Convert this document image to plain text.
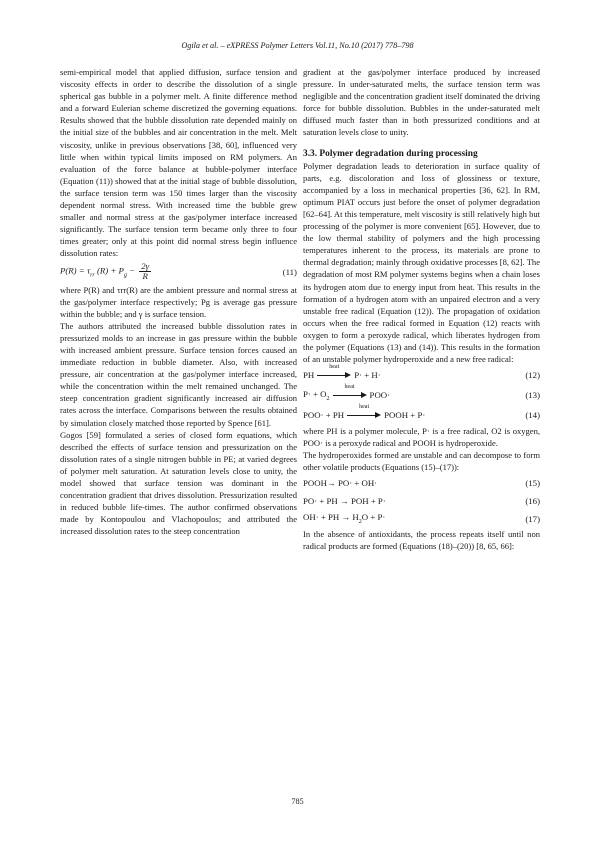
Ogila et al. – eXPRESS Polymer Letters Vol.11, No.10 (2017) 778–798

semi-empirical model that applied diffusion, surface tension and viscosity effects in order to describe the dissolution of a single spherical gas bubble in a polymer melt. A finite difference method and a forward Eulerian scheme discretized the governing equations. Results showed that the bubble dissolution rate depended mainly on the initial size of the bubbles and air concentration in the melt. Melt viscosity, unlike in previous observations [38, 60], influenced very little when within typical limits imposed on RM polymers. An evaluation of the force balance at bubble-polymer interface (Equation (11)) showed that at the initial stage of bubble dissolution, the surface tension term was 150 times larger than the viscosity dependent normal stress. With increased time the bubble grew smaller and normal stress at the gas/polymer interface increased significantly. The surface tension term became only three to four times greater; only at this point did normal stress begin influence dissolution rates:

$P(R) = \tau_{rr}$ $(R) + P_g - \frac{2\gamma}{R}$	(11)

where P(R) and τrr(R) are the ambient pressure and normal stress at the gas/polymer interface respectively; Pg is average gas pressure within the bubble; and γ is surface tension.

The authors attributed the increased bubble dissolution rates in pressurized molds to an increase in gas pressure within the bubble with increased ambient pressure. Surface tension forces caused an immediate reduction in bubble diameter. Also, with increased pressure, air concentration at the gas/polymer interface increased, while the concentration within the melt remained unchanged. The steep concentration gradient significantly increased air diffusion rates across the interface. Comparisons between the results obtained by simulation closely matched those reported by Spence [61].

Gogos [59] formulated a series of closed form equations, which described the effects of surface tension and pressurization on the dissolution rates of a single nitrogen bubble in PE; at varied degrees of polymer melt saturation. At saturation levels close to unity, the model showed that surface tension was dominant in the concentration gradient that drives dissolution. Pressurization resulted in reduced bubble life-times. The author confirmed observations made by Kontopoulou and Vlachopoulos; and attributed the increased dissolution rates to the steep concentration

gradient at the gas/polymer interface produced by increased pressure. In under-saturated melts, the surface tension term was negligible and the concentration gradient itself dominated the driving force for bubble dissolution. Bubbles in the under-saturated melt diffused much faster than in both pressurized conditions and at saturation levels close to unity.

3.3. Polymer degradation during processing

Polymer degradation leads to deterioration in surface quality of parts, e.g. discoloration and loss of glossiness or texture, accompanied by a loss in mechanical properties [36, 62]. In RM, optimum PIAT occurs just before the onset of polymer degradation [62–64]. At this temperature, melt viscosity is still relatively high but processing of the polymer is more convenient [65]. However, due to the low thermal stability of polymers and the high processing temperatures inherent to the process, its materials are prone to thermal degradation; mainly through oxidative processes [8, 62]. The degradation of most RM polymer systems begins when a chain loses its hydrogen atom due to energy input from heat. This results in the formation of a hydrogen atom with an unpaired electron and a very unstable free radical (Equation (12)). The propagation of oxidation occurs when the free radical formed in Equation (12) reacts with oxygen to form a peroxyde radical, which liberates hydrogen from the polymer (Equations (13) and (14)). This results in the formation of an unstable polymer hydroperoxide and a new free radical:

PH
heat
P· + H·	(12)
$P\cdot + O_2$
heat
POO·	(13)
POO· + PH
heat
POOH + P·	(14)

where PH is a polymer molecule, P· is a free radical, O2 is oxygen, POO· is a peroxyde radical and POOH is hydroperoxide.

The hydroperoxides formed are unstable and can decompose to form other volatile products (Equations (15)–(17)):

POOH→ PO· + OH·	(15)
PO· + PH → POH + P·	(16)
OH· + PH → $H_2O + P\cdot$	(17)

In the absence of antioxidants, the process repeats itself until non radical products are formed (Equations (18)–(20)) [8, 65, 66]:

785
